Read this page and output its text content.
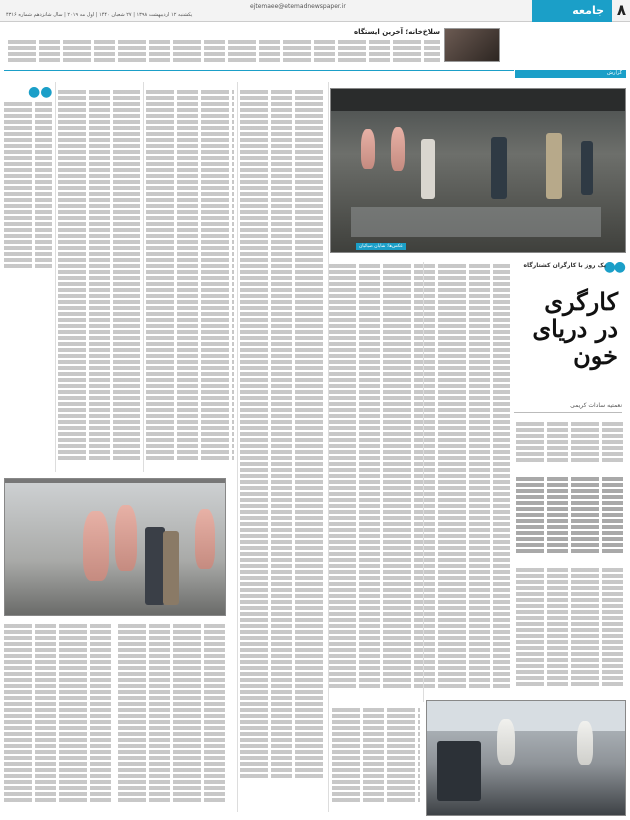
۸
جامعه
ejtemaee@etemadnewspaper.ir
یکشنبه ۱۲ اردیبهشت ۱۳۹۸ | ۲۷ شعبان ۱۴۴۰ | اول مه ۲۰۱۹ | سال شانزدهم شماره ۴۳۱۶
سلاخ‌خانه؛ آخرین ایستگاه
گزارش
●●
عکس‌ها: شایان ضیائیان
●●
یک روز با کارگران کشتارگاه
کارگری در دریای خون
نعمتیه سادات کریمی
